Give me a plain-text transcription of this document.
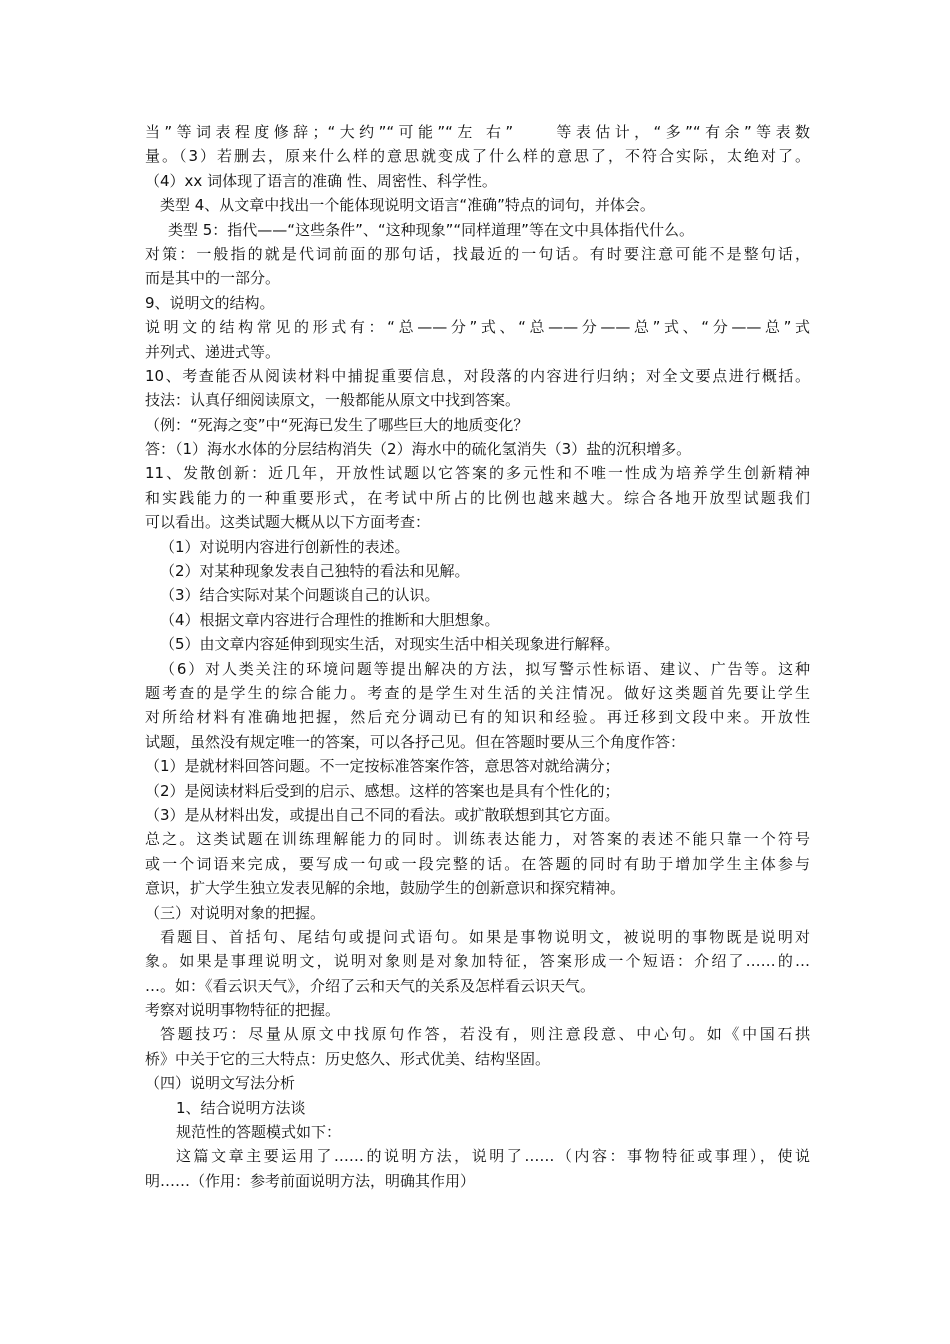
当”等词表程度修辞；“大约”“可能”“左 右”　　等表估计，“多”“有余”等表数
量。（3）若删去，原来什么样的意思就变成了什么样的意思了，不符合实际，太绝对了。
（4）xx 词体现了语言的准确 性、周密性、科学性。
类型 4、从文章中找出一个能体现说明文语言“准确”特点的词句，并体会。
类型 5：指代——“这些条件”、“这种现象”“同样道理”等在文中具体指代什么。
对策：一般指的就是代词前面的那句话，找最近的一句话。有时要注意可能不是整句话，
而是其中的一部分。
9、说明文的结构。
说明文的结构常见的形式有：“总——分”式、“总——分——总”式、“分——总”式
并列式、递进式等。
10、考查能否从阅读材料中捕捉重要信息，对段落的内容进行归纳；对全文要点进行概括。
技法：认真仔细阅读原文，一般都能从原文中找到答案。
（例：“死海之变”中“死海已发生了哪些巨大的地质变化？
答：（1）海水水体的分层结构消失（2）海水中的硫化氢消失（3）盐的沉积增多。
11、发散创新：近几年，开放性试题以它答案的多元性和不唯一性成为培养学生创新精神
和实践能力的一种重要形式，在考试中所占的比例也越来越大。综合各地开放型试题我们
可以看出。这类试题大概从以下方面考查：
（1）对说明内容进行创新性的表述。
（2）对某种现象发表自己独特的看法和见解。
（3）结合实际对某个问题谈自己的认识。
（4）根据文章内容进行合理性的推断和大胆想象。
（5）由文章内容延伸到现实生活，对现实生活中相关现象进行解释。
（6）对人类关注的环境问题等提出解决的方法，拟写警示性标语、建议、广告等。这种
题考查的是学生的综合能力。考查的是学生对生活的关注情况。做好这类题首先要让学生
对所给材料有准确地把握，然后充分调动已有的知识和经验。再迁移到文段中来。开放性
试题，虽然没有规定唯一的答案，可以各抒己见。但在答题时要从三个角度作答：
（1）是就材料回答问题。不一定按标准答案作答，意思答对就给满分；
（2）是阅读材料后受到的启示、感想。这样的答案也是具有个性化的；
（3）是从材料出发，或提出自己不同的看法。或扩散联想到其它方面。
总之。这类试题在训练理解能力的同时。训练表达能力，对答案的表述不能只靠一个符号
或一个词语来完成，要写成一句或一段完整的话。在答题的同时有助于增加学生主体参与
意识，扩大学生独立发表见解的余地，鼓励学生的创新意识和探究精神。
（三）对说明对象的把握。
看题目、首括句、尾结句或提问式语句。如果是事物说明文，被说明的事物既是说明对
象。如果是事理说明文，说明对象则是对象加特征，答案形成一个短语：介绍了……的…
…。如：《看云识天气》，介绍了云和天气的关系及怎样看云识天气。
考察对说明事物特征的把握。
答题技巧：尽量从原文中找原句作答，若没有，则注意段意、中心句。如《中国石拱
桥》中关于它的三大特点：历史悠久、形式优美、结构坚固。
（四）说明文写法分析
1、结合说明方法谈
规范性的答题模式如下：
这篇文章主要运用了……的说明方法，说明了……（内容：事物特征或事理），使说
明……（作用：参考前面说明方法，明确其作用）
